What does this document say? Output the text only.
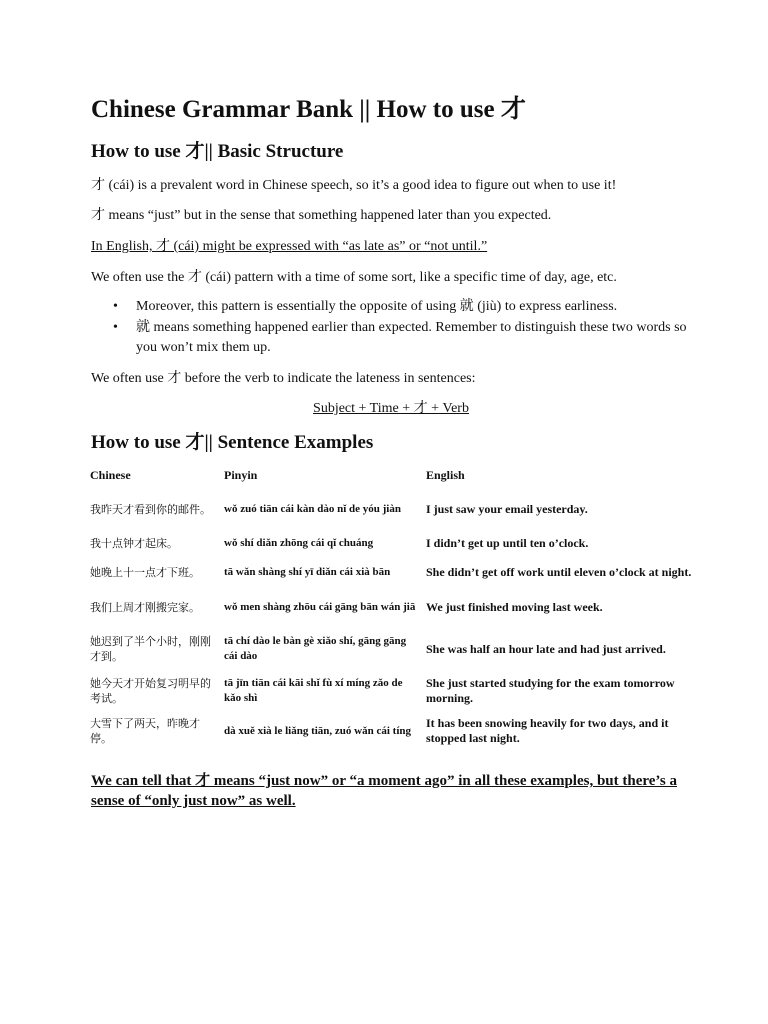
Chinese Grammar Bank || How to use 才
How to use 才|| Basic Structure

才 (cái) is a prevalent word in Chinese speech, so it’s a good idea to figure out when to use it!

才 means “just” but in the sense that something happened later than you expected.

In English, 才 (cái) might be expressed with “as late as” or “not until.”

We often use the 才 (cái) pattern with a time of some sort, like a specific time of day, age, etc.

• Moreover, this pattern is essentially the opposite of using 就 (jiù) to express earliness.
• 就 means something happened earlier than expected. Remember to distinguish these two words so you won’t mix them up.

We often use 才 before the verb to indicate the lateness in sentences:

Subject + Time + 才 + Verb

How to use 才|| Sentence Examples
Chinese	Pinyin	English
我昨天才看到你的邮件。	wǒ zuó tiān cái kàn dào nǐ de yóu jiàn	I just saw your email yesterday.
我十点钟才起床。	wǒ shí diǎn zhōng cái qǐ chuáng	I didn’t get up until ten o’clock.
她晚上十一点才下班。	tā wǎn shàng shí yī diǎn cái xià bān	She didn’t get off work until eleven o’clock at night.
我们上周才刚搬完家。	wǒ men shàng zhōu cái gāng bān wán jiā	We just finished moving last week.
她迟到了半个小时，刚刚才到。	tā chí dào le bàn gè xiǎo shí, gāng gāng cái dào	She was half an hour late and had just arrived.
她今天才开始复习明早的考试。	tā jīn tiān cái kāi shǐ fù xí míng zǎo de kǎo shì	She just started studying for the exam tomorrow morning.
大雪下了两天，昨晚才停。	dà xuě xià le liǎng tiān, zuó wǎn cái tíng	It has been snowing heavily for two days, and it stopped last night.

We can tell that 才 means “just now” or “a moment ago” in all these examples, but there’s a sense of “only just now” as well.
